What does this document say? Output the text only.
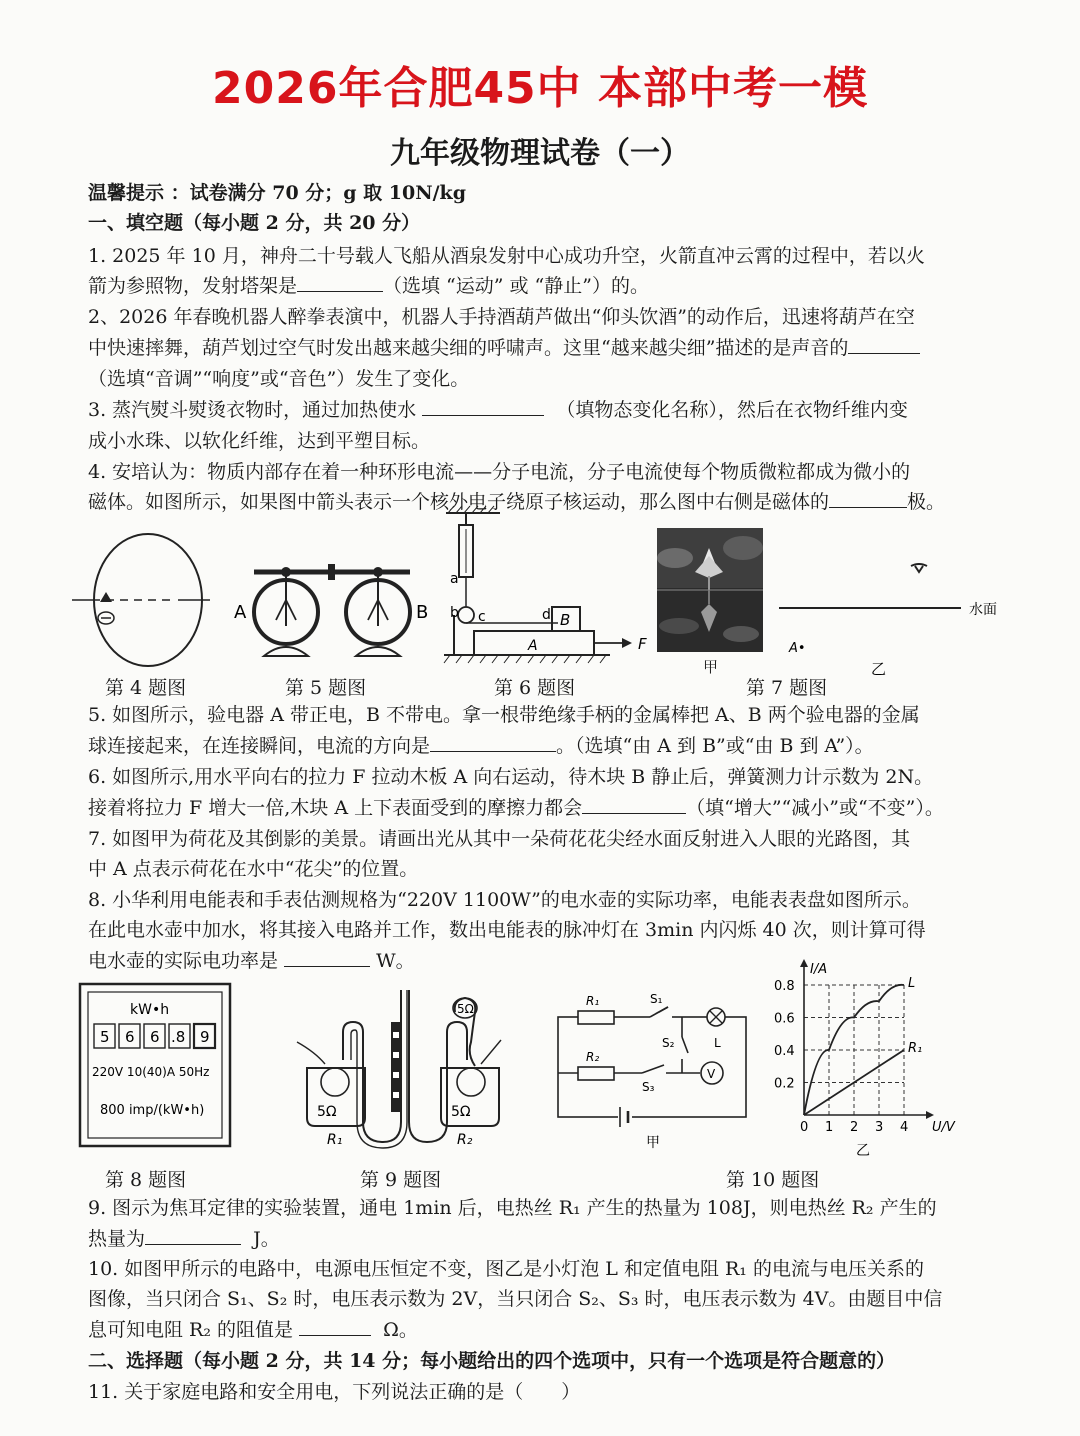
2026年合肥45中 本部中考一模
九年级物理试卷（一）
温馨提示 ：试卷满分 70 分；g 取 10N/kg
一、填空题（每小题 2 分，共 20 分）
1. 2025 年 10 月，神舟二十号载人飞船从酒泉发射中心成功升空，火箭直冲云霄的过程中，若以火
箭为参照物，发射塔架是	（选填 “运动” 或 “静止”）的。
2、2026 年春晚机器人醉拳表演中，机器人手持酒葫芦做出“仰头饮酒”的动作后，迅速将葫芦在空
中快速摔舞，葫芦划过空气时发出越来越尖细的呼啸声。这里“越来越尖细”描述的是声音的
（选填“音调”“响度”或“音色”）发生了变化。
3. 蒸汽熨斗熨烫衣物时，通过加热使水	（填物态变化名称），然后在衣物纤维内变
成小水珠、以软化纤维，达到平塑目标。
4. 安培认为：物质内部存在着一种环形电流——分子电流，分子电流使每个物质微粒都成为微小的
磁体。如图所示，如果图中箭头表示一个核外电子绕原子核运动，那么图中右侧是磁体的	极。
第 4 题图
A	B
第 5 题图
a
b c	d B
A	F
第 6 题图
甲
水面
A•
乙
第 7 题图
5. 如图所示，验电器 A 带正电，B 不带电。拿一根带绝缘手柄的金属棒把 A、B 两个验电器的金属
球连接起来，在连接瞬间，电流的方向是	。（选填“由 A 到 B”或“由 B 到 A”）。
6. 如图所示,用水平向右的拉力 F 拉动木板 A 向右运动，待木块 B 静止后，弹簧测力计示数为 2N。
接着将拉力 F 增大一倍,木块 A 上下表面受到的摩擦力都会	（填“增大”“减小”或“不变”）。
7. 如图甲为荷花及其倒影的美景。请画出光从其中一朵荷花花尖经水面反射进入人眼的光路图，其
中 A 点表示荷花在水中“花尖”的位置。
8. 小华利用电能表和手表估测规格为“220V 1100W”的电水壶的实际功率，电能表表盘如图所示。
在此电水壶中加水，将其接入电路并工作，数出电能表的脉冲灯在 3min 内闪烁 40 次，则计算可得
电水壶的实际电功率是	W。
kW•h
5 6 6 .8 9
220V 10(40)A 50Hz
800 imp/(kW•h)
第 8 题图
5Ω
5Ω	5Ω
R₁	R₂
第 9 题图
R₁
R₂
S₁
S₂
S₃
L
V
甲
0 1 2 3 4
0.2
0.4
0.6
0.8
U/V
I/A
L
R₁
乙
第 10 题图
9. 图示为焦耳定律的实验装置，通电 1min 后，电热丝 R₁ 产生的热量为 108J，则电热丝 R₂ 产生的
热量为	J。
10. 如图甲所示的电路中，电源电压恒定不变，图乙是小灯泡 L 和定值电阻 R₁ 的电流与电压关系的
图像，当只闭合 S₁、S₂ 时，电压表示数为 2V，当只闭合 S₂、S₃ 时，电压表示数为 4V。由题目中信
息可知电阻 R₂ 的阻值是	Ω。
二、选择题（每小题 2 分，共 14 分；每小题给出的四个选项中，只有一个选项是符合题意的）
11. 关于家庭电路和安全用电，下列说法正确的是（　　）
